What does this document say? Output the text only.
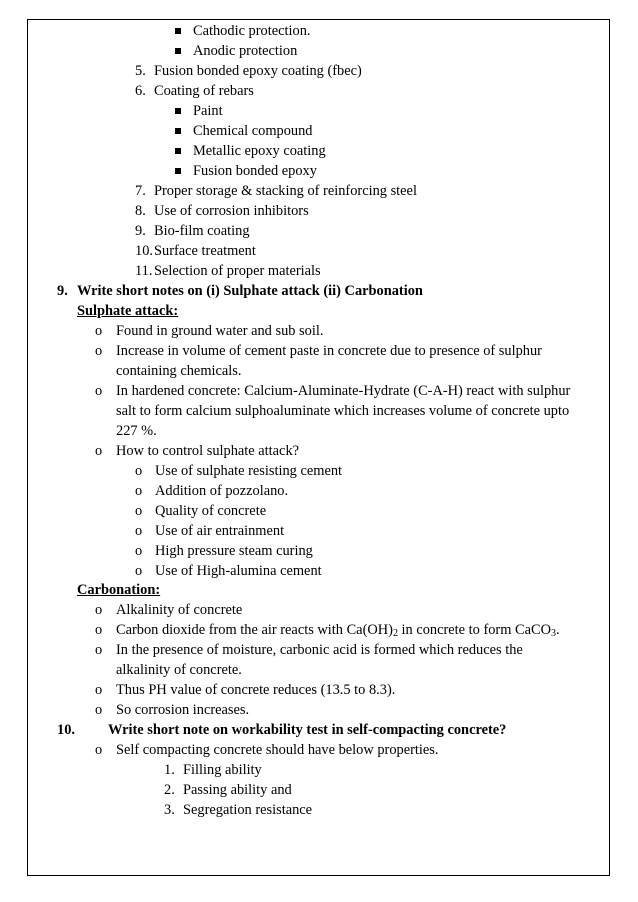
Cathodic protection.
Anodic protection
5. Fusion bonded epoxy coating (fbec)
6. Coating of rebars
Paint
Chemical compound
Metallic epoxy coating
Fusion bonded epoxy
7. Proper storage & stacking of reinforcing steel
8. Use of corrosion inhibitors
9. Bio-film coating
10. Surface treatment
11. Selection of proper materials
9. Write short notes on (i) Sulphate attack (ii) Carbonation
Sulphate attack:
o Found in ground water and sub soil.
o Increase in volume of cement paste in concrete due to presence of sulphur
containing chemicals.
o In hardened concrete: Calcium-Aluminate-Hydrate (C-A-H) react with sulphur
salt to form calcium sulphoaluminate which increases volume of concrete upto
227 %.
o How to control sulphate attack?
o Use of sulphate resisting cement
o Addition of pozzolano.
o Quality of concrete
o Use of air entrainment
o High pressure steam curing
o Use of High-alumina cement
Carbonation:
o Alkalinity of concrete
o Carbon dioxide from the air reacts with $Ca(OH)_2$ in concrete to form CaCO$_3$.
o In the presence of moisture, carbonic acid is formed which reduces the
alkalinity of concrete.
o Thus PH value of concrete reduces (13.5 to 8.3).
o So corrosion increases.
10. Write short note on workability test in self-compacting concrete?
o Self compacting concrete should have below properties.
1. Filling ability
2. Passing ability and
3. Segregation resistance
